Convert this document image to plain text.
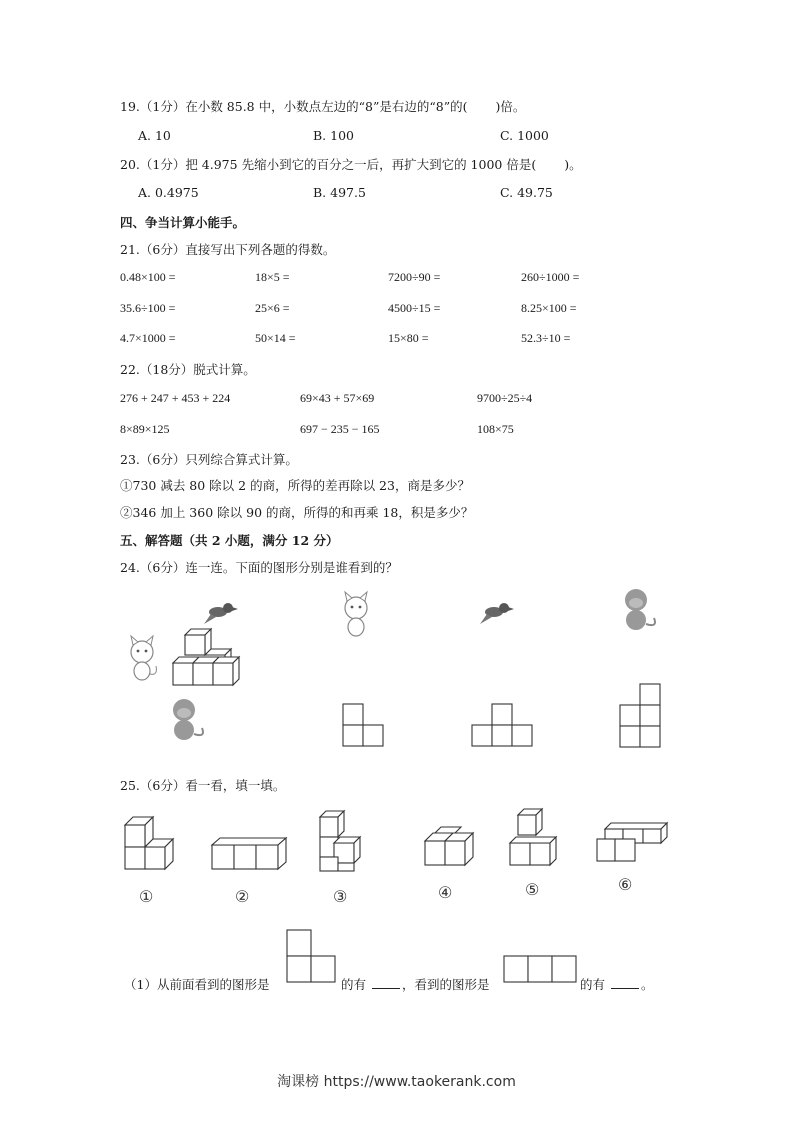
19.（1分）在小数 85.8 中，小数点左边的“8”是右边的“8”的( )倍。
A. 10	B. 100	C. 1000
20.（1分）把 4.975 先缩小到它的百分之一后，再扩大到它的 1000 倍是( )。
A. 0.4975	B. 497.5	C. 49.75
四、争当计算小能手。
21.（6分）直接写出下列各题的得数。
0.48×100 =	18×5 =	7200÷90 =	260÷1000 =
35.6÷100 =	25×6 =	4500÷15 =	8.25×100 =
4.7×1000 =	50×14 =	15×80 =	52.3÷10 =
22.（18分）脱式计算。
276 + 247 + 453 + 224	69×43 + 57×69	9700÷25÷4
8×89×125	697 − 235 − 165	108×75
23.（6分）只列综合算式计算。
①730 减去 80 除以 2 的商，所得的差再除以 23，商是多少？
②346 加上 360 除以 90 的商，所得的和再乘 18，积是多少？
五、解答题（共 2 小题，满分 12 分）
24.（6分）连一连。下面的图形分别是谁看到的？
25.（6分）看一看，填一填。
①	②	③	④	⑤	⑥
（1）从前面看到的图形是	的有	，看到的图形是	的有	。
淘课榜 https://www.taokerank.com
